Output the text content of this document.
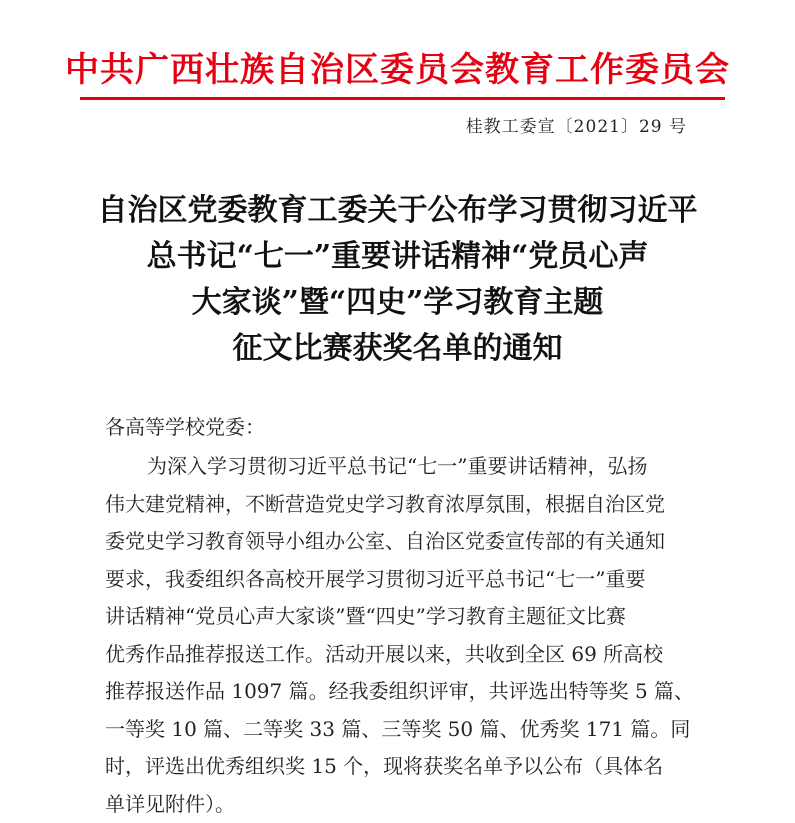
中共广西壮族自治区委员会教育工作委员会
桂教工委宣〔2021〕29 号
自治区党委教育工委关于公布学习贯彻习近平
总书记“七一”重要讲话精神“党员心声
大家谈”暨“四史”学习教育主题
征文比赛获奖名单的通知
各高等学校党委：
为深入学习贯彻习近平总书记“七一”重要讲话精神，弘扬
伟大建党精神，不断营造党史学习教育浓厚氛围，根据自治区党
委党史学习教育领导小组办公室、自治区党委宣传部的有关通知
要求，我委组织各高校开展学习贯彻习近平总书记“七一”重要
讲话精神“党员心声大家谈”暨“四史”学习教育主题征文比赛
优秀作品推荐报送工作。活动开展以来，共收到全区 69 所高校
推荐报送作品 1097 篇。经我委组织评审，共评选出特等奖 5 篇、
一等奖 10 篇、二等奖 33 篇、三等奖 50 篇、优秀奖 171 篇。同
时，评选出优秀组织奖 15 个，现将获奖名单予以公布（具体名
单详见附件）。
